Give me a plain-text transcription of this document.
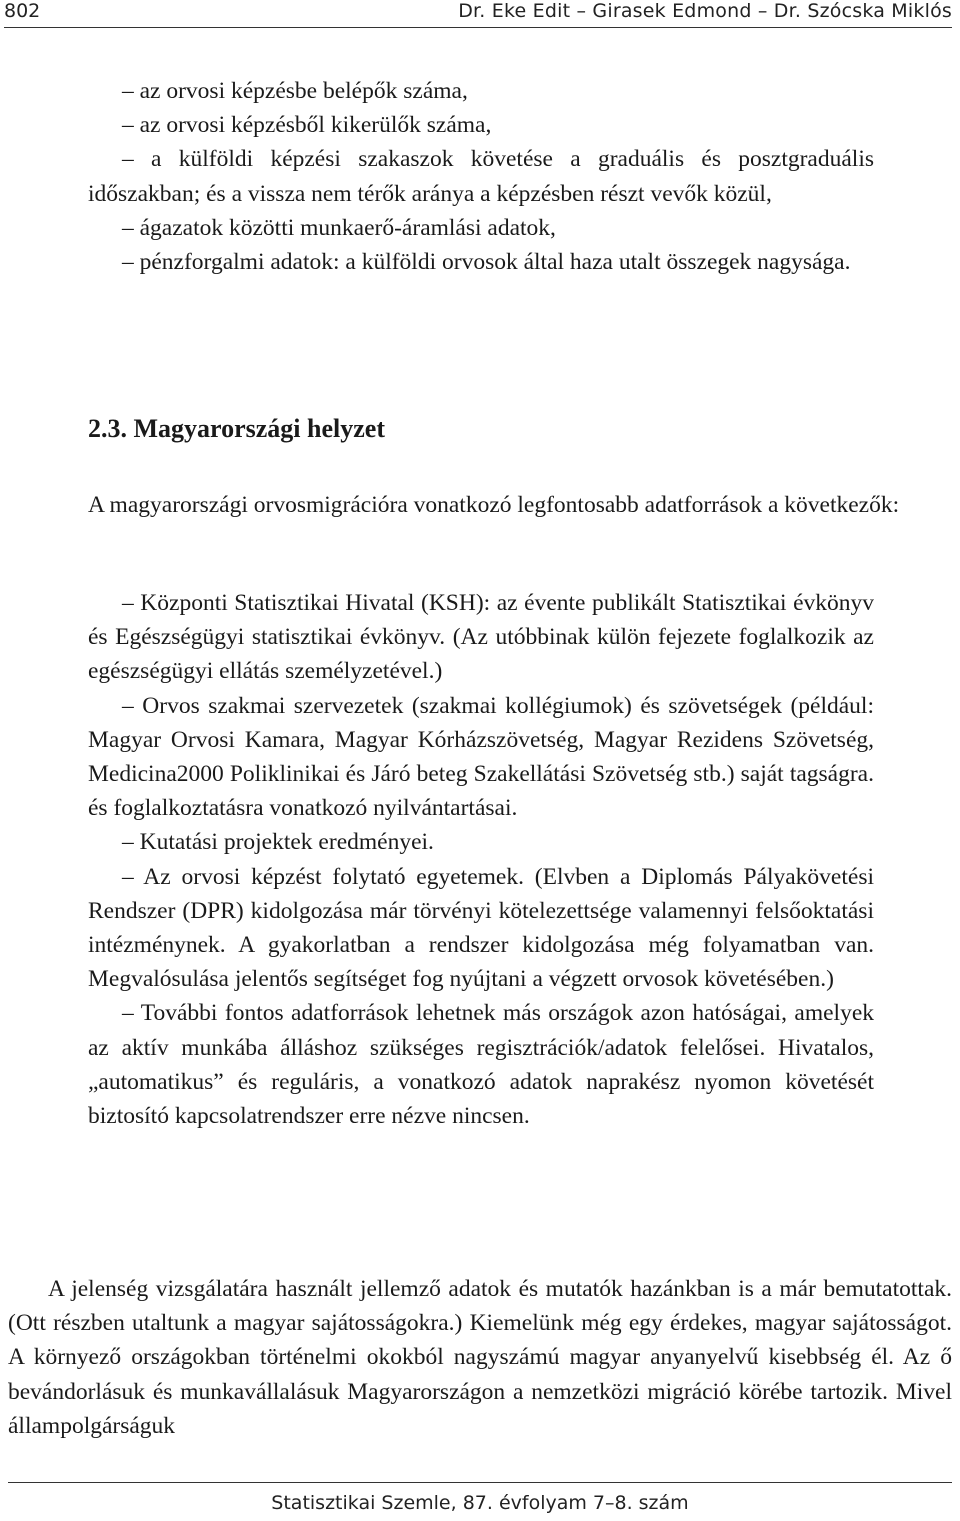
802	Dr. Eke Edit – Girasek Edmond – Dr. Szócska Miklós

– az orvosi képzésbe belépők száma,

– az orvosi képzésből kikerülők száma,

– a külföldi képzési szakaszok követése a graduális és posztgraduális időszakban; és a vissza nem térők aránya a képzésben részt vevők közül,

– ágazatok közötti munkaerő-áramlási adatok,

– pénzforgalmi adatok: a külföldi orvosok által haza utalt összegek nagysága.

2.3. Magyarországi helyzet

A magyarországi orvosmigrációra vonatkozó legfontosabb adatforrások a következők:

– Központi Statisztikai Hivatal (KSH): az évente publikált Statisztikai évkönyv és Egészségügyi statisztikai évkönyv. (Az utóbbinak külön fejezete foglalkozik az egészségügyi ellátás személyzetével.)

– Orvos szakmai szervezetek (szakmai kollégiumok) és szövetségek (például: Magyar Orvosi Kamara, Magyar Kórházszövetség, Magyar Rezidens Szövetség, Medicina2000 Poliklinikai és Járó beteg Szakellátási Szövetség stb.) saját tagságra. és foglalkoztatásra vonatkozó nyilvántartásai.

– Kutatási projektek eredményei.

– Az orvosi képzést folytató egyetemek. (Elvben a Diplomás Pályakövetési Rendszer (DPR) kidolgozása már törvényi kötelezettsége valamennyi felsőoktatási intézménynek. A gyakorlatban a rendszer kidolgozása még folyamatban van. Megvalósulása jelentős segítséget fog nyújtani a végzett orvosok követésében.)

– További fontos adatforrások lehetnek más országok azon hatóságai, amelyek az aktív munkába álláshoz szükséges regisztrációk/adatok felelősei. Hivatalos, „automatikus” és reguláris, a vonatkozó adatok naprakész nyomon követését biztosító kapcsolatrendszer erre nézve nincsen.

A jelenség vizsgálatára használt jellemző adatok és mutatók hazánkban is a már bemutatottak. (Ott részben utaltunk a magyar sajátosságokra.) Kiemelünk még egy érdekes, magyar sajátosságot. A környező országokban történelmi okokból nagyszámú magyar anyanyelvű kisebbség él. Az ő bevándorlásuk és munkavállalásuk Magyarországon a nemzetközi migráció körébe tartozik. Mivel állampolgárságuk

Statisztikai Szemle, 87. évfolyam 7–8. szám
